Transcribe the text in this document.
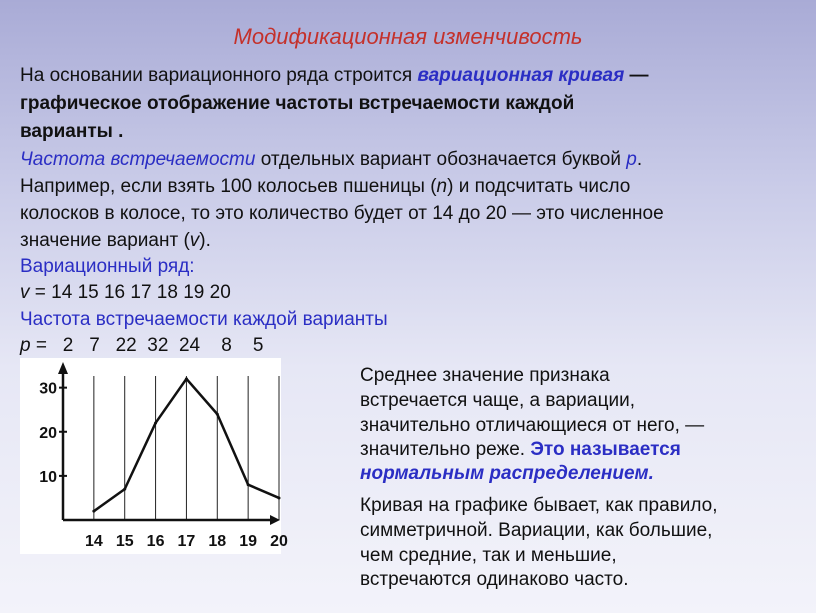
Модификационная изменчивость
На основании вариационного ряда строится вариационная кривая —
графическое отображение частоты встречаемости каждой
варианты .
Частота встречаемости отдельных вариант обозначается буквой р.
Например, если взять 100 колосьев пшеницы (n) и подсчитать число
колосков в колосе, то это количество будет от 14 до 20 — это численное
значение вариант (v).
Вариационный ряд:
v = 14 15 16 17 18 19 20
Частота встречаемости каждой варианты
p =   2   7   22  32  24    8    5
10
20
30
14 15 16 17 18 19 20
Среднее значение признака
встречается чаще, а вариации,
значительно отличающиеся от него, —
значительно реже. Это называется
нормальным распределением.
Кривая на графике бывает, как правило,
симметричной. Вариации, как большие,
чем средние, так и меньшие,
встречаются одинаково часто.
